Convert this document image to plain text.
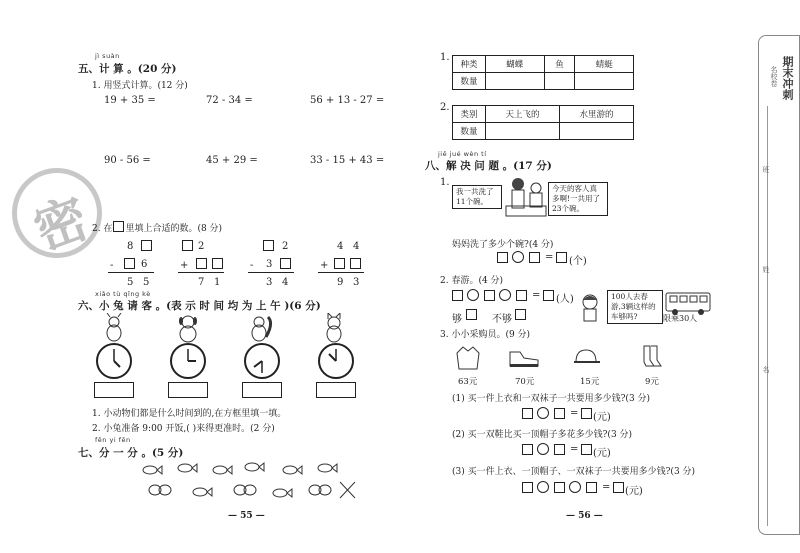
密
jì suàn
五、计 算 。(20 分)
1. 用竖式计算。(12 分)
19 + 35 =	72 - 34 =	56 + 13 - 27 =
90 - 56 =	45 + 29 =	33 - 15 + 43 =
2. 在 里填上合适的数。(8 分)
8
-	6
5 5
2
+
7 1
2
- 3
3 4
4 4
+
9 3
xiǎo tù qǐng kè
六、小 兔 请 客 。(表 示 时 间 均 为 上 午 )(6 分)
1. 小动物们都是什么时间到的,在方框里填一填。
2. 小兔准备 9:00 开饭,( )来得更准时。(2 分)
fēn yi fēn
七、分 一 分 。(5 分)
— 55 —
1.
种类	蝴蝶	鱼	蜻蜓
数量			
2.
类别	天上飞的	水里游的
数量		
jiě jué wèn tí
八、解 决 问 题 。(17 分)
1.
我一共洗了11个碗。
今天的客人真多啊!一共用了23个碗。
妈妈洗了多少个碗?(4 分)
= (个)
2. 春游。(4 分)
= (人)
够	不够
100人去春游,3辆这样的车够吗?	限乘30人
3. 小小采购员。(9 分)
63元	70元	15元	9元
(1) 买一件上衣和一双袜子一共要用多少钱?(3 分)
= (元)
(2) 买一双鞋比买一顶帽子多花多少钱?(3 分)
= (元)
(3) 买一件上衣、一顶帽子、一双袜子一共要用多少钱?(3 分)
= (元)
— 56 —
期末冲刺
名校卷
班
姓
名
